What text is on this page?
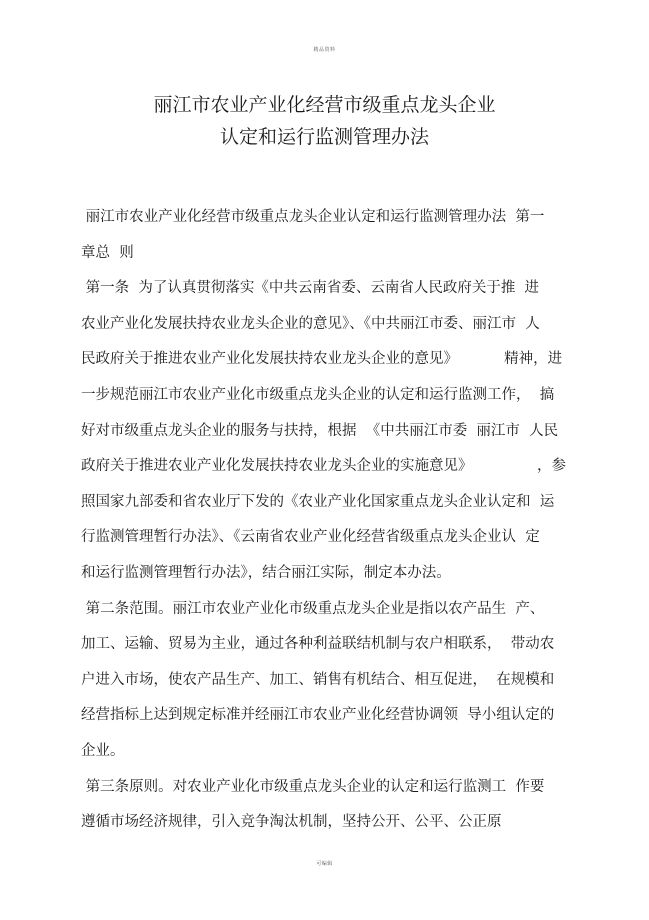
精品资料
丽江市农业产业化经营市级重点龙头企业
认定和运行监测管理办法
丽江市农业产业化经营市级重点龙头企业认定和运行监测管理办法  第一
章总  则
第一条  为了认真贯彻落实《中共云南省委、云南省人民政府关于推  进
农业产业化发展扶持农业龙头企业的意见》、《中共丽江市委、丽江市  人
民政府关于推进农业产业化发展扶持农业龙头企业的意见》          精神，进
一步规范丽江市农业产业化市级重点龙头企业的认定和运行监测工作，  搞
好对市级重点龙头企业的服务与扶持，根据  《中共丽江市委  丽江市  人民
政府关于推进农业产业化发展扶持农业龙头企业的实施意见》              ，参
照国家九部委和省农业厅下发的《农业产业化国家重点龙头企业认定和  运
行监测管理暂行办法》、《云南省农业产业化经营省级重点龙头企业认  定
和运行监测管理暂行办法》，结合丽江实际，制定本办法。
第二条范围。丽江市农业产业化市级重点龙头企业是指以农产品生  产、
加工、运输、贸易为主业，通过各种利益联结机制与农户相联系，  带动农
户进入市场，使农产品生产、加工、销售有机结合、相互促进，  在规模和
经营指标上达到规定标准并经丽江市农业产业化经营协调领  导小组认定的
企业。
第三条原则。对农业产业化市级重点龙头企业的认定和运行监测工  作要
遵循市场经济规律，引入竞争淘汰机制，坚持公开、公平、公正原
可编辑
